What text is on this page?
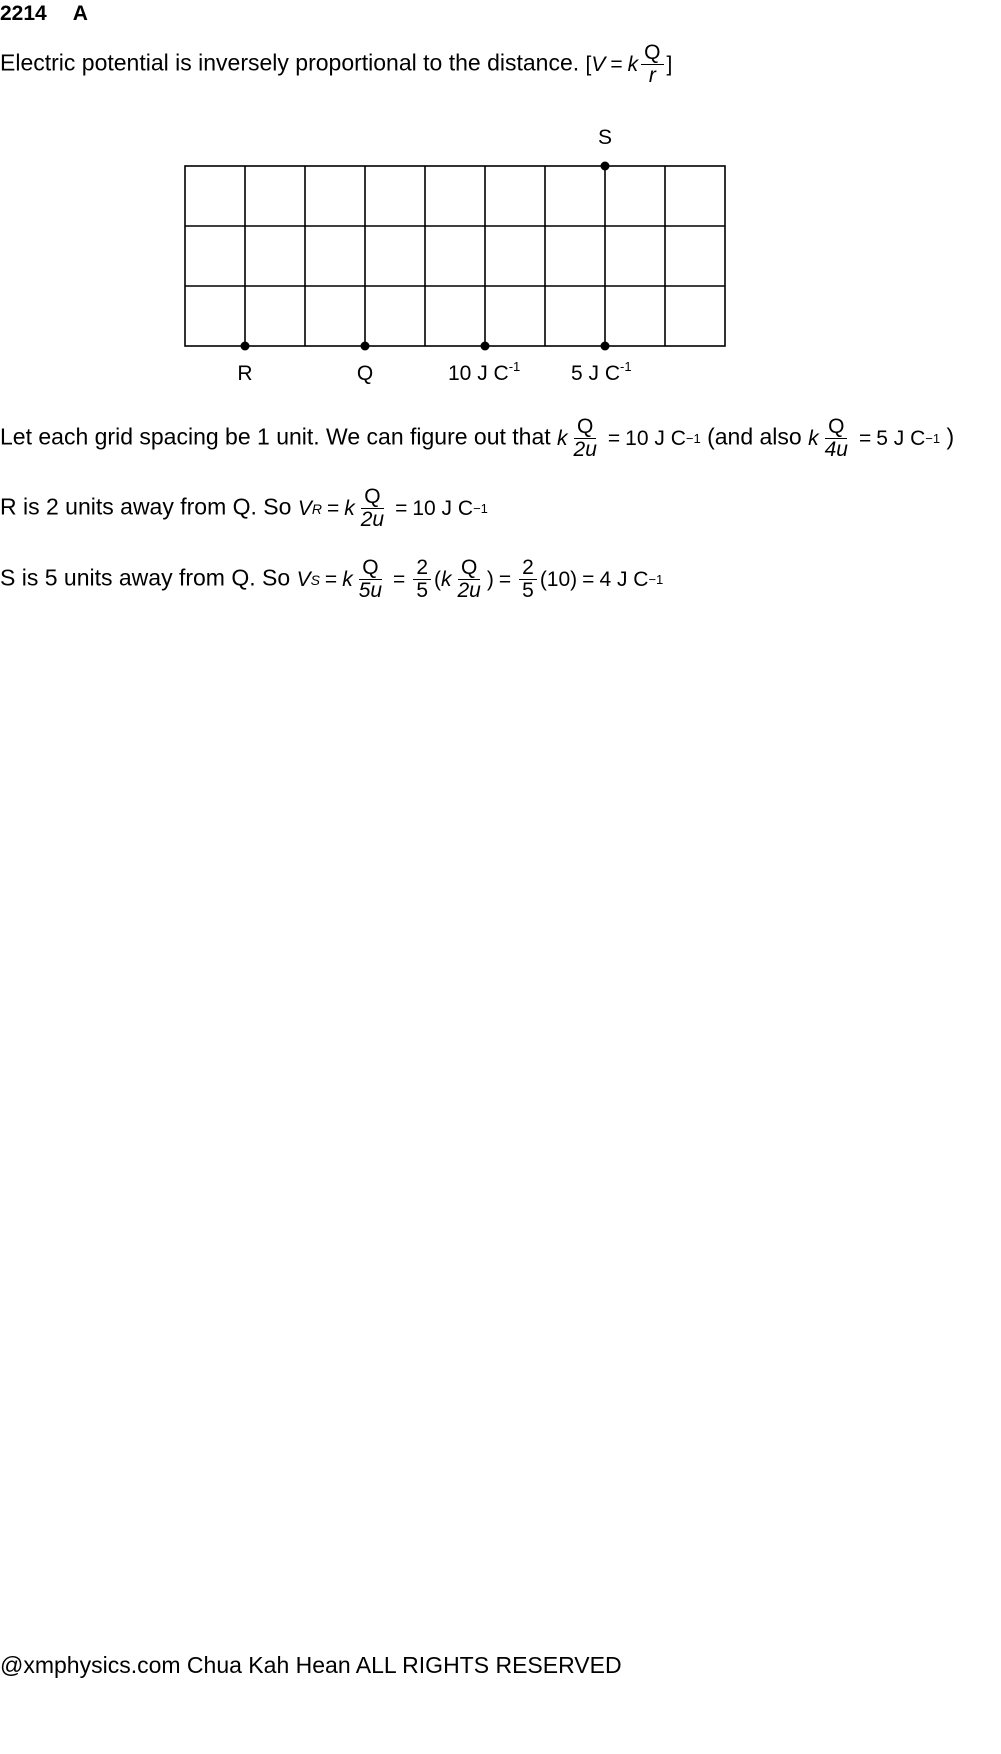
2214 A
Electric potential is inversely proportional to the distance. [ V = k $\frac{Q}{r}$ ]
S
R	Q	10 J $C^{-1}$ 5 J $C^{-1}$
Let each grid spacing be 1 unit. We can figure out that k $\frac{Q}{2u} = 10$ J C −1 (and also k $\frac{Q}{4u} = 5$ J C −1 )
R is 2 units away from Q. So V R = k $\frac{Q}{2u} = 10$ J C −1
S is 5 units away from Q. So V S = k $\frac{Q}{5u} = \frac{2}{5}$ ( k $\frac{Q}{2u}$ ) = $\frac{2}{5} (10) = 4$ J C −1
@xmphysics.com Chua Kah Hean ALL RIGHTS RESERVED
